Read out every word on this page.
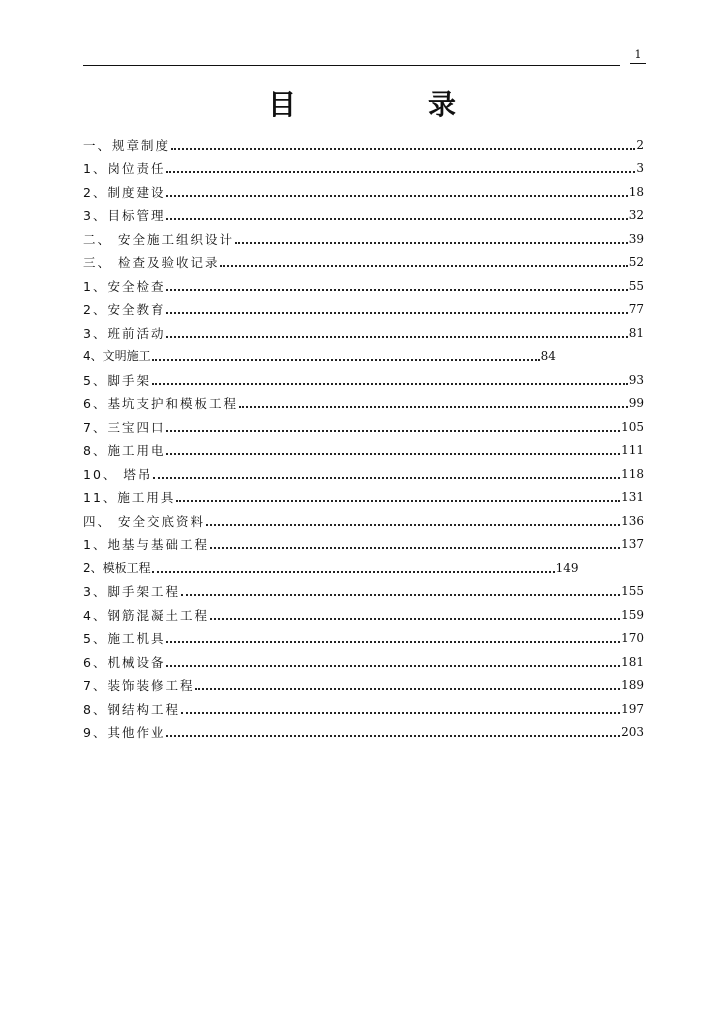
1
目	录
一、规章制度	2
1、岗位责任	3
2、制度建设	18
3、目标管理	32
二、 安全施工组织设计	39
三、 检查及验收记录	52
1、安全检查	55
2、安全教育	77
3、班前活动	81
4、文明施工	84
5、脚手架	93
6、基坑支护和模板工程	99
7、三宝四口	105
8、施工用电	111
10、 塔吊	118
11、施工用具	131
四、 安全交底资料	136
1、地基与基础工程	137
2、模板工程	149
3、脚手架工程	155
4、钢筋混凝土工程	159
5、施工机具	170
6、机械设备	181
7、装饰装修工程	189
8、钢结构工程	197
9、其他作业	203
